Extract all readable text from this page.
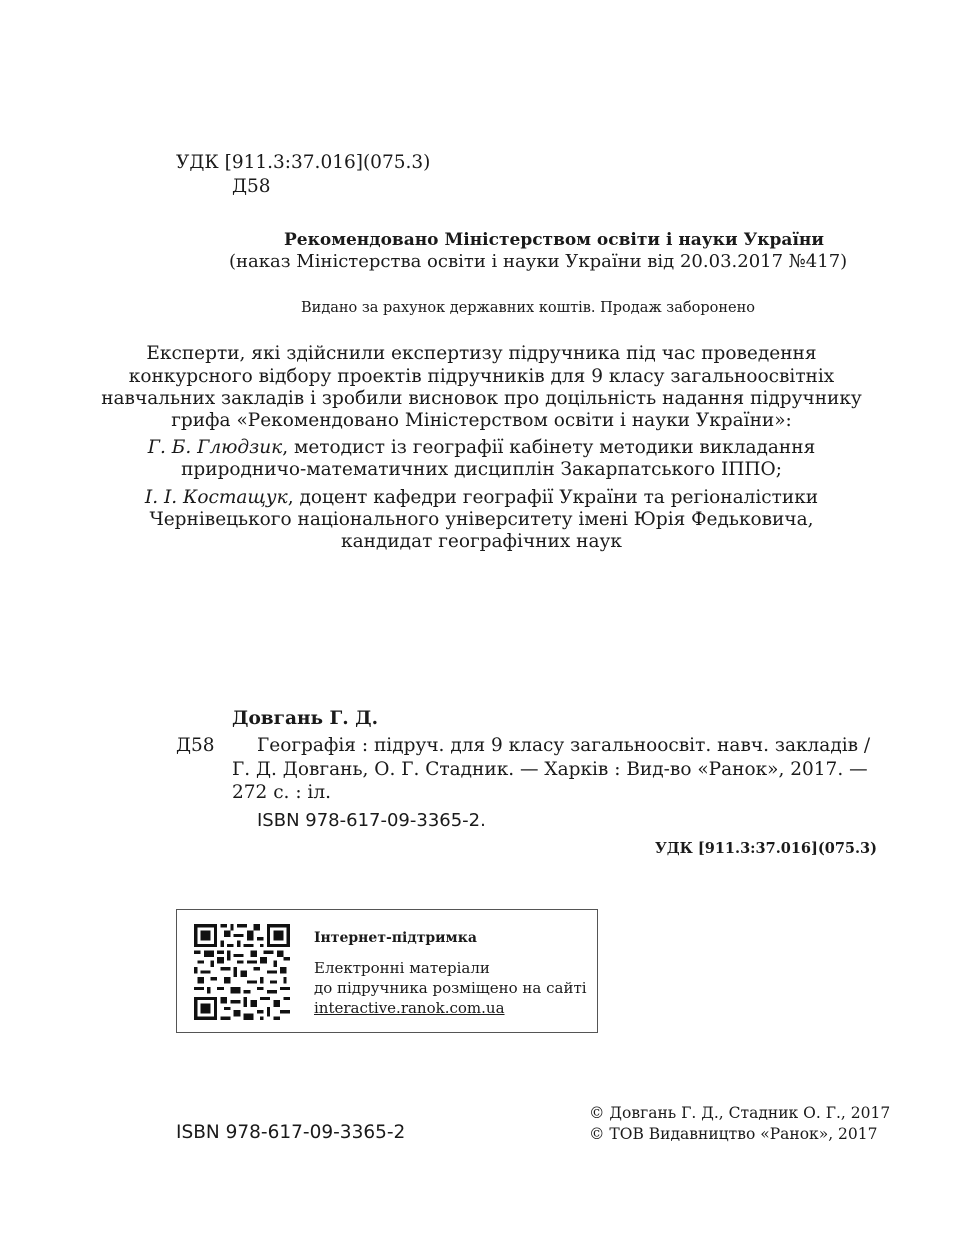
УДК [911.3:37.016](075.3)
Д58
Рекомендовано Міністерством освіти і науки України
(наказ Міністерства освіти і науки України від 20.03.2017 №417)
Видано за рахунок державних коштів. Продаж заборонено
Експерти, які здійснили експертизу підручника під час проведення
конкурсного відбору проектів підручників для 9 класу загальноосвітніх
навчальних закладів і зробили висновок про доцільність надання підручнику
грифа «Рекомендовано Міністерством освіти і науки України»:
Г. Б. Глюдзик, методист із географії кабінету методики викладання
природничо-математичних дисциплін Закарпатського ІППО;
І. І. Костащук, доцент кафедри географії України та регіоналістики
Чернівецького національного університету імені Юрія Федьковича,
кандидат географічних наук
Довгань Г. Д.
Д58 Географія : підруч. для 9 класу загальноосвіт. навч. закладів /
Г. Д. Довгань, О. Г. Стадник. — Харків : Вид-во «Ранок», 2017. —
272 с. : іл.
ISBN 978-617-09-3365-2.
УДК [911.3:37.016](075.3)
Інтернет-підтримка
Електронні матеріали
до підручника розміщено на сайті
interactive.ranok.com.ua
ISBN 978-617-09-3365-2
© Довгань Г. Д., Стадник О. Г., 2017
© ТОВ Видавництво «Ранок», 2017
